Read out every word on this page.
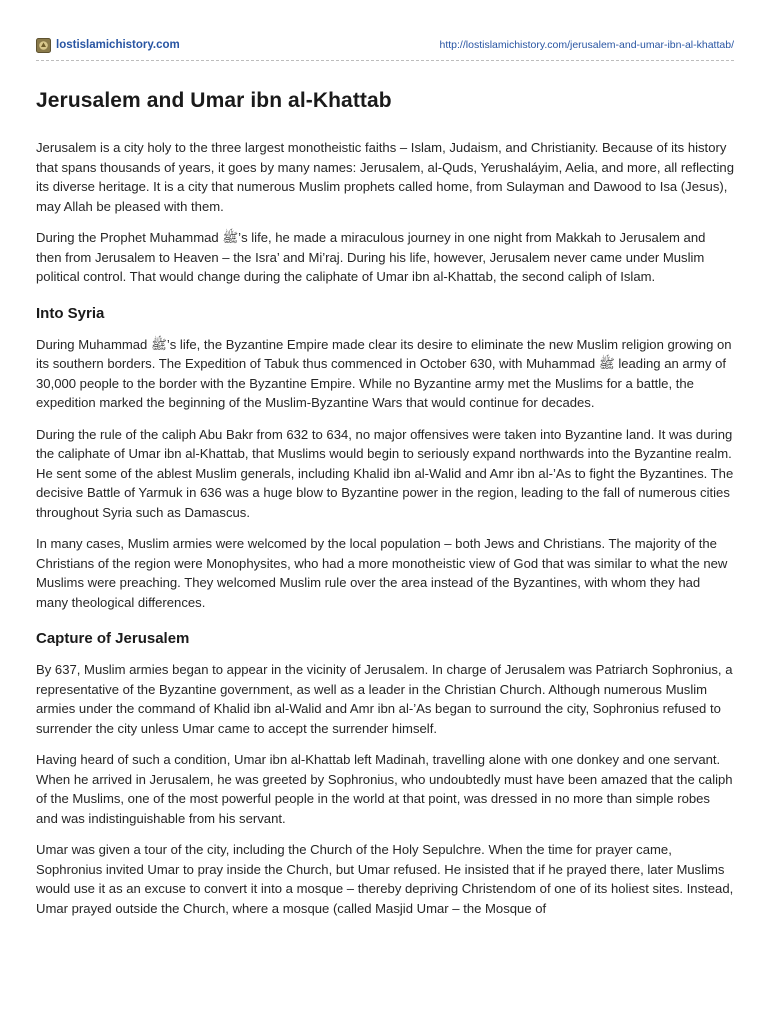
lostislamichistory.com	http://lostislamichistory.com/jerusalem-and-umar-ibn-al-khattab/
Jerusalem and Umar ibn al-Khattab

Jerusalem is a city holy to the three largest monotheistic faiths – Islam, Judaism, and Christianity. Because of its history that spans thousands of years, it goes by many names: Jerusalem, al-Quds, Yerushaláyim, Aelia, and more, all reflecting its diverse heritage. It is a city that numerous Muslim prophets called home, from Sulayman and Dawood to Isa (Jesus), may Allah be pleased with them.

During the Prophet Muhammad ﷺ’s life, he made a miraculous journey in one night from Makkah to Jerusalem and then from Jerusalem to Heaven – the Isra’ and Mi’raj. During his life, however, Jerusalem never came under Muslim political control. That would change during the caliphate of Umar ibn al-Khattab, the second caliph of Islam.

Into Syria

During Muhammad ﷺ’s life, the Byzantine Empire made clear its desire to eliminate the new Muslim religion growing on its southern borders. The Expedition of Tabuk thus commenced in October 630, with Muhammad ﷺ leading an army of 30,000 people to the border with the Byzantine Empire. While no Byzantine army met the Muslims for a battle, the expedition marked the beginning of the Muslim-Byzantine Wars that would continue for decades.

During the rule of the caliph Abu Bakr from 632 to 634, no major offensives were taken into Byzantine land. It was during the caliphate of Umar ibn al-Khattab, that Muslims would begin to seriously expand northwards into the Byzantine realm. He sent some of the ablest Muslim generals, including Khalid ibn al-Walid and Amr ibn al-’As to fight the Byzantines. The decisive Battle of Yarmuk in 636 was a huge blow to Byzantine power in the region, leading to the fall of numerous cities throughout Syria such as Damascus.

In many cases, Muslim armies were welcomed by the local population – both Jews and Christians. The majority of the Christians of the region were Monophysites, who had a more monotheistic view of God that was similar to what the new Muslims were preaching. They welcomed Muslim rule over the area instead of the Byzantines, with whom they had many theological differences.

Capture of Jerusalem

By 637, Muslim armies began to appear in the vicinity of Jerusalem. In charge of Jerusalem was Patriarch Sophronius, a representative of the Byzantine government, as well as a leader in the Christian Church. Although numerous Muslim armies under the command of Khalid ibn al-Walid and Amr ibn al-’As began to surround the city, Sophronius refused to surrender the city unless Umar came to accept the surrender himself.

Having heard of such a condition, Umar ibn al-Khattab left Madinah, travelling alone with one donkey and one servant. When he arrived in Jerusalem, he was greeted by Sophronius, who undoubtedly must have been amazed that the caliph of the Muslims, one of the most powerful people in the world at that point, was dressed in no more than simple robes and was indistinguishable from his servant.

Umar was given a tour of the city, including the Church of the Holy Sepulchre. When the time for prayer came, Sophronius invited Umar to pray inside the Church, but Umar refused. He insisted that if he prayed there, later Muslims would use it as an excuse to convert it into a mosque – thereby depriving Christendom of one of its holiest sites. Instead, Umar prayed outside the Church, where a mosque (called Masjid Umar – the Mosque of
